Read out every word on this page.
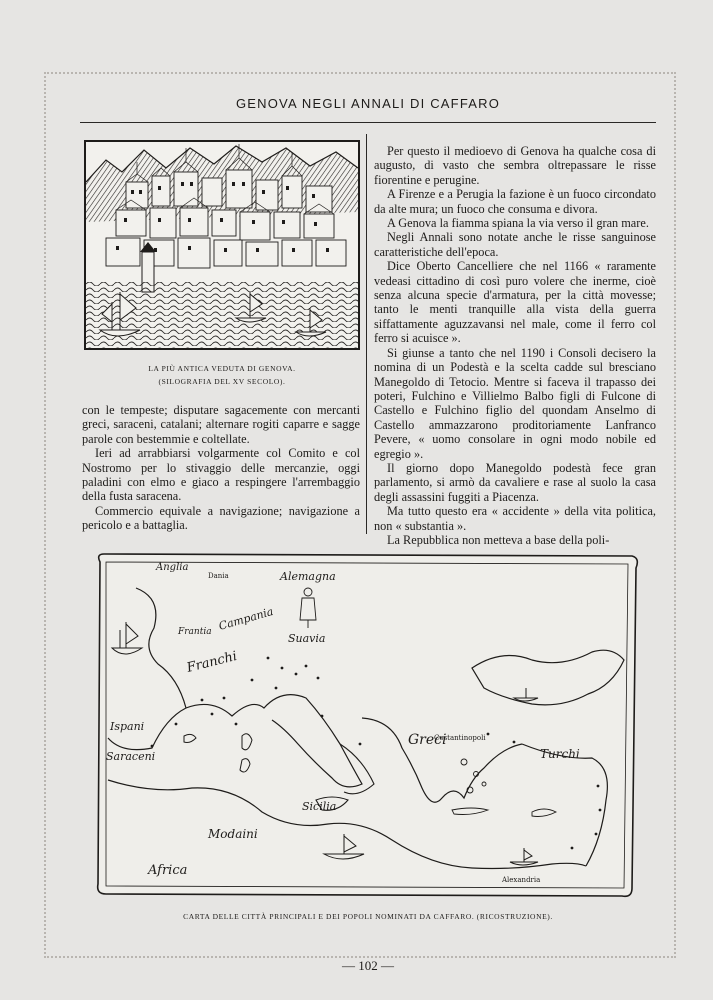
GENOVA NEGLI ANNALI DI CAFFARO
LA PIÙ ANTICA VEDUTA DI GENOVA.
(SILOGRAFIA DEL XV SECOLO).

con le tempeste; disputare sagacemente con mercanti greci, saraceni, catalani; alternare rogiti caparre e sagge parole con bestemmie e coltellate.

Ieri ad arrabbiarsi volgarmente col Comito e col Nostromo per lo stivaggio delle mercanzie, oggi paladini con elmo e giaco a respingere l'arrembaggio della fusta saracena.

Commercio equivale a navigazione; navigazione a pericolo e a battaglia.

Per questo il medioevo di Genova ha qualche cosa di augusto, di vasto che sembra oltrepassare le risse fiorentine e perugine.

A Firenze e a Perugia la fazione è un fuoco circondato da alte mura; un fuoco che consuma e divora.

A Genova la fiamma spiana la via verso il gran mare.

Negli Annali sono notate anche le risse sanguinose caratteristiche dell'epoca.

Dice Oberto Cancelliere che nel 1166 « raramente vedeasi cittadino di così puro volere che inerme, cioè senza alcuna specie d'armatura, per la città movesse; tanto le menti tranquille alla vista della guerra siffattamente aguzzavansi nel male, come il ferro col ferro si acuisce ».

Si giunse a tanto che nel 1190 i Consoli decisero la nomina di un Podestà e la scelta cadde sul bresciano Manegoldo di Tetocio. Mentre si faceva il trapasso dei poteri, Fulchino e Villielmo Balbo figli di Fulcone di Castello e Fulchino figlio del quondam Anselmo di Castello ammazzarono proditoriamente Lanfranco Pevere, « uomo consolare in ogni modo nobile ed egregio ».

Il giorno dopo Manegoldo podestà fece gran parlamento, si armò da cavaliere e rase al suolo la casa degli assassini fuggiti a Piacenza.

Ma tutto questo era « accidente » della vita politica, non « substantia ».

La Repubblica non metteva a base della poli-

Anglia
Dania	Alemagna
Suavia
Frantia Campania
Franchi
Ispani
Saraceni
Greci
Costantinopoli
Turchi
Sicilia
Modaini
Africa
Alexandria
CARTA DELLE CITTÀ PRINCIPALI E DEI POPOLI NOMINATI DA CAFFARO. (RICOSTRUZIONE).
— 102 —
